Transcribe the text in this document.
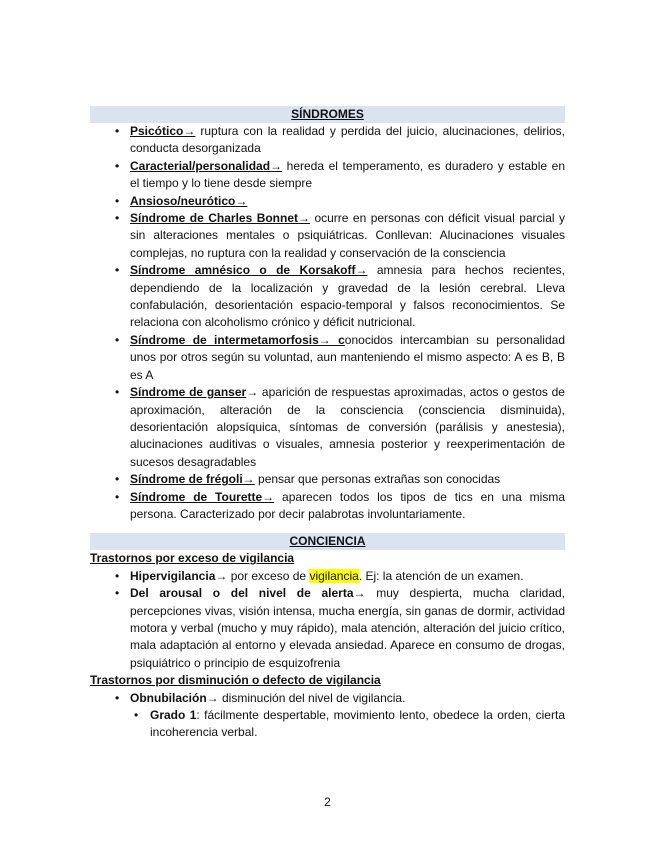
SÍNDROMES
• Psicótico→ ruptura con la realidad y perdida del juicio, alucinaciones, delirios, conducta desorganizada
• Caracterial/personalidad→ hereda el temperamento, es duradero y estable en el tiempo y lo tiene desde siempre
• Ansioso/neurótico→
• Síndrome de Charles Bonnet→ ocurre en personas con déficit visual parcial y sin alteraciones mentales o psiquiátricas. Conllevan: Alucinaciones visuales complejas, no ruptura con la realidad y conservación de la consciencia
• Síndrome amnésico o de Korsakoff→ amnesia para hechos recientes, dependiendo de la localización y gravedad de la lesión cerebral. Lleva confabulación, desorientación espacio-temporal y falsos reconocimientos. Se relaciona con alcoholismo crónico y déficit nutricional.
• Síndrome de intermetamorfosis→ conocidos intercambian su personalidad unos por otros según su voluntad, aun manteniendo el mismo aspecto: A es B, B es A
• Síndrome de ganser→ aparición de respuestas aproximadas, actos o gestos de aproximación, alteración de la consciencia (consciencia disminuida), desorientación alopsíquica, síntomas de conversión (parálisis y anestesia), alucinaciones auditivas o visuales, amnesia posterior y reexperimentación de sucesos desagradables
• Síndrome de frégoli→ pensar que personas extrañas son conocidas
• Síndrome de Tourette→ aparecen todos los tipos de tics en una misma persona. Caracterizado por decir palabrotas involuntariamente.
CONCIENCIA
Trastornos por exceso de vigilancia
• Hipervigilancia→ por exceso de vigilancia. Ej: la atención de un examen.
• Del arousal o del nivel de alerta→ muy despierta, mucha claridad, percepciones vivas, visión intensa, mucha energía, sin ganas de dormir, actividad motora y verbal (mucho y muy rápido), mala atención, alteración del juicio crítico, mala adaptación al entorno y elevada ansiedad. Aparece en consumo de drogas, psiquiátrico o principio de esquizofrenia
Trastornos por disminución o defecto de vigilancia
• Obnubilación→ disminución del nivel de vigilancia.
• Grado 1: fácilmente despertable, movimiento lento, obedece la orden, cierta incoherencia verbal.
2
